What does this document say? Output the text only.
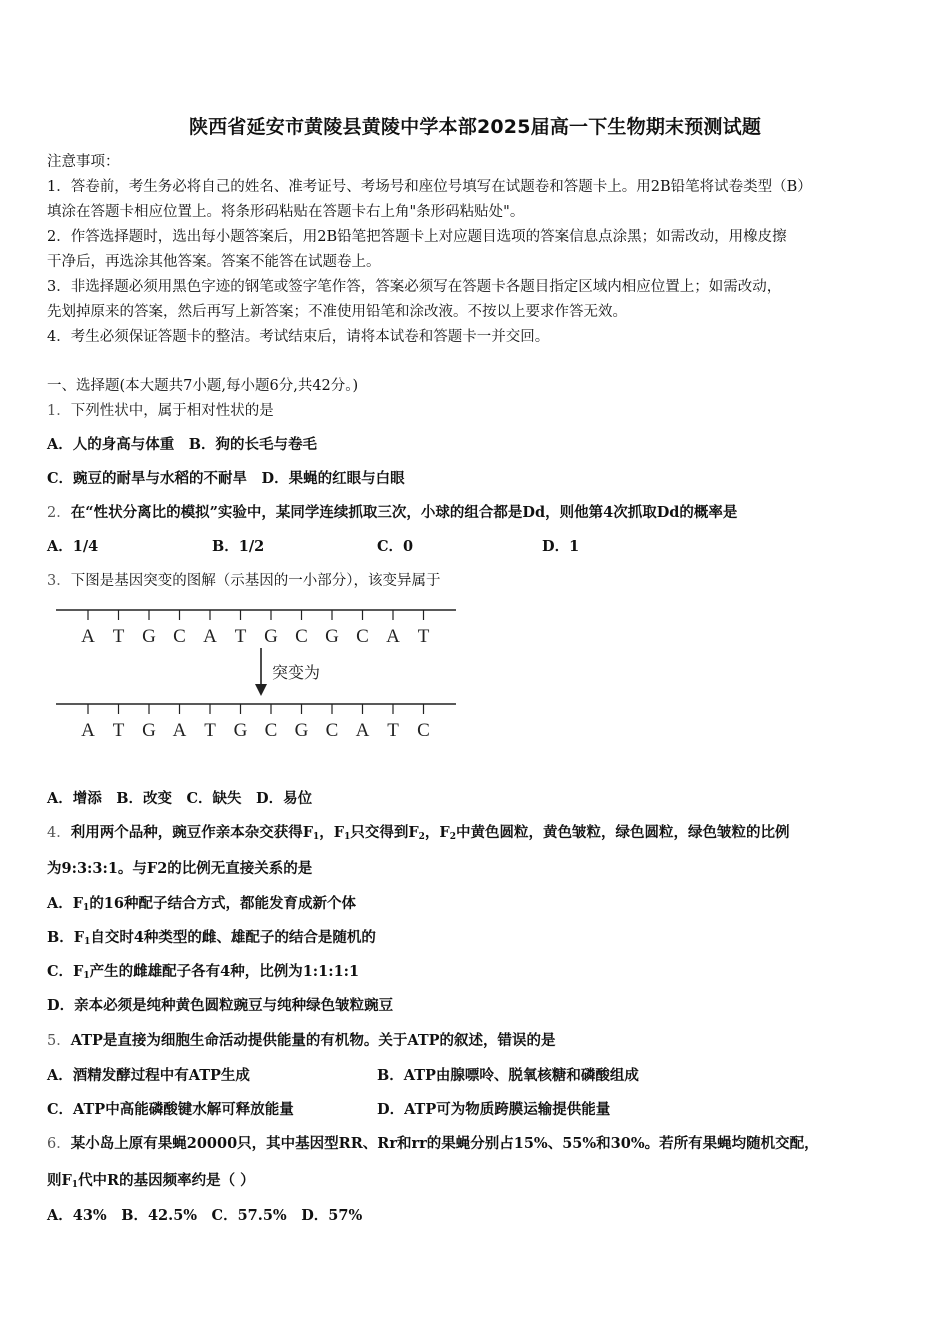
陕西省延安市黄陵县黄陵中学本部2025届高一下生物期末预测试题
注意事项：
1．答卷前，考生务必将自己的姓名、准考证号、考场号和座位号填写在试题卷和答题卡上。用2B铅笔将试卷类型（B）
填涂在答题卡相应位置上。将条形码粘贴在答题卡右上角"条形码粘贴处"。
2．作答选择题时，选出每小题答案后，用2B铅笔把答题卡上对应题目选项的答案信息点涂黑；如需改动，用橡皮擦
干净后，再选涂其他答案。答案不能答在试题卷上。
3．非选择题必须用黑色字迹的钢笔或签字笔作答，答案必须写在答题卡各题目指定区域内相应位置上；如需改动，
先划掉原来的答案，然后再写上新答案；不准使用铅笔和涂改液。不按以上要求作答无效。
4．考生必须保证答题卡的整洁。考试结束后，请将本试卷和答题卡一并交回。
一、选择题(本大题共7小题,每小题6分,共42分。)
1．下列性状中，属于相对性状的是
A．人的身高与体重　B．狗的长毛与卷毛
C．豌豆的耐旱与水稻的不耐旱　D．果蝇的红眼与白眼
2．在“性状分离比的模拟”实验中，某同学连续抓取三次，小球的组合都是Dd，则他第4次抓取Dd的概率是
A．1/4	B．1/2	C．0	D．1
3．下图是基因突变的图解（示基因的一小部分），该变异属于
A T G C A T G C G C A T
突变为
A T G A T G C G C A T C
A．增添　B．改变　C．缺失　D．易位
4．利用两个品种，豌豆作亲本杂交获得$F_1$，$F_1$只交得到$F_2$，$F_2$中黄色圆粒，黄色皱粒，绿色圆粒，绿色皱粒的比例
为9:3:3:1。与F2的比例无直接关系的是
A．$F_1$的16种配子结合方式，都能发育成新个体
B．$F_1$自交时4种类型的雌、雄配子的结合是随机的
C．$F_1$产生的雌雄配子各有4种，比例为1:1:1:1
D．亲本必须是纯种黄色圆粒豌豆与纯种绿色皱粒豌豆
5．ATP是直接为细胞生命活动提供能量的有机物。关于ATP的叙述，错误的是
A．酒精发酵过程中有ATP生成	B．ATP由腺嘌呤、脱氧核糖和磷酸组成
C．ATP中高能磷酸键水解可释放能量	D．ATP可为物质跨膜运输提供能量
6．某小岛上原有果蝇20000只，其中基因型RR、Rr和rr的果蝇分别占15%、55%和30%。若所有果蝇均随机交配，
则$F_1$代中R的基因频率约是（ ）
A．43%　B．42.5%　C．57.5%　D．57%
